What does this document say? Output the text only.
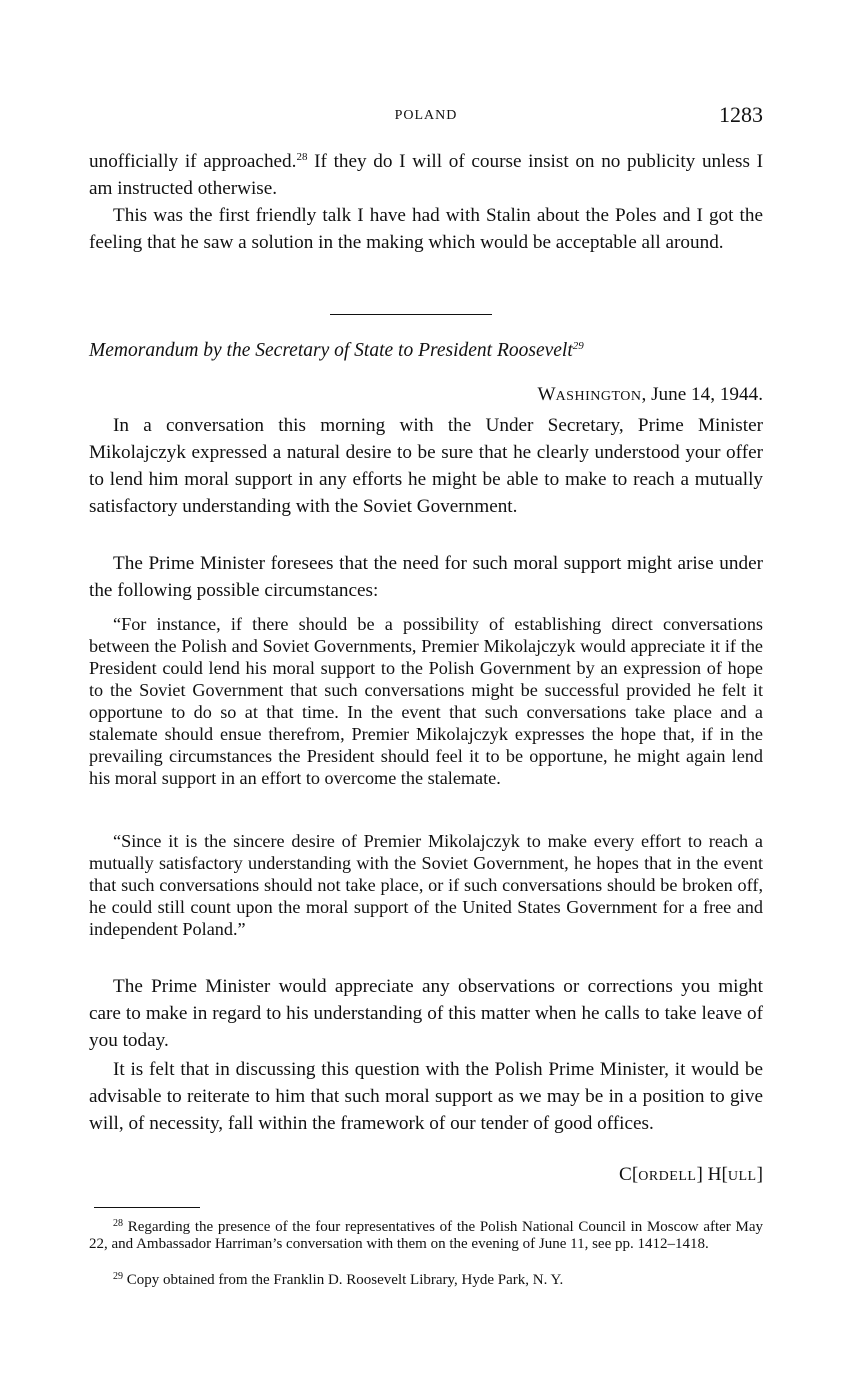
POLAND	1283

unofficially if approached.$^{28}$ If they do I will of course insist on no publicity unless I am instructed otherwise.

This was the first friendly talk I have had with Stalin about the Poles and I got the feeling that he saw a solution in the making which would be acceptable all around.

Memorandum by the Secretary of State to President Roosevelt$^{29}$
WASHINGTON, June 14, 1944.

In a conversation this morning with the Under Secretary, Prime Minister Mikolajczyk expressed a natural desire to be sure that he clearly understood your offer to lend him moral support in any efforts he might be able to make to reach a mutually satisfactory understanding with the Soviet Government.

The Prime Minister foresees that the need for such moral support might arise under the following possible circumstances:

“For instance, if there should be a possibility of establishing direct conversations between the Polish and Soviet Governments, Premier Mikolajczyk would appreciate it if the President could lend his moral support to the Polish Government by an expression of hope to the Soviet Government that such conversations might be successful provided he felt it opportune to do so at that time. In the event that such conversations take place and a stalemate should ensue therefrom, Premier Mikolajczyk expresses the hope that, if in the prevailing circumstances the President should feel it to be opportune, he might again lend his moral support in an effort to overcome the stalemate.

“Since it is the sincere desire of Premier Mikolajczyk to make every effort to reach a mutually satisfactory understanding with the Soviet Government, he hopes that in the event that such conversations should not take place, or if such conversations should be broken off, he could still count upon the moral support of the United States Government for a free and independent Poland.”

The Prime Minister would appreciate any observations or corrections you might care to make in regard to his understanding of this matter when he calls to take leave of you today.

It is felt that in discussing this question with the Polish Prime Minister, it would be advisable to reiterate to him that such moral support as we may be in a position to give will, of necessity, fall within the framework of our tender of good offices.

C[ORDELL] H[ULL]

$^{28}$ Regarding the presence of the four representatives of the Polish National Council in Moscow after May 22, and Ambassador Harriman’s conversation with them on the evening of June 11, see pp. 1412–1418.

$^{29}$ Copy obtained from the Franklin D. Roosevelt Library, Hyde Park, N. Y.
